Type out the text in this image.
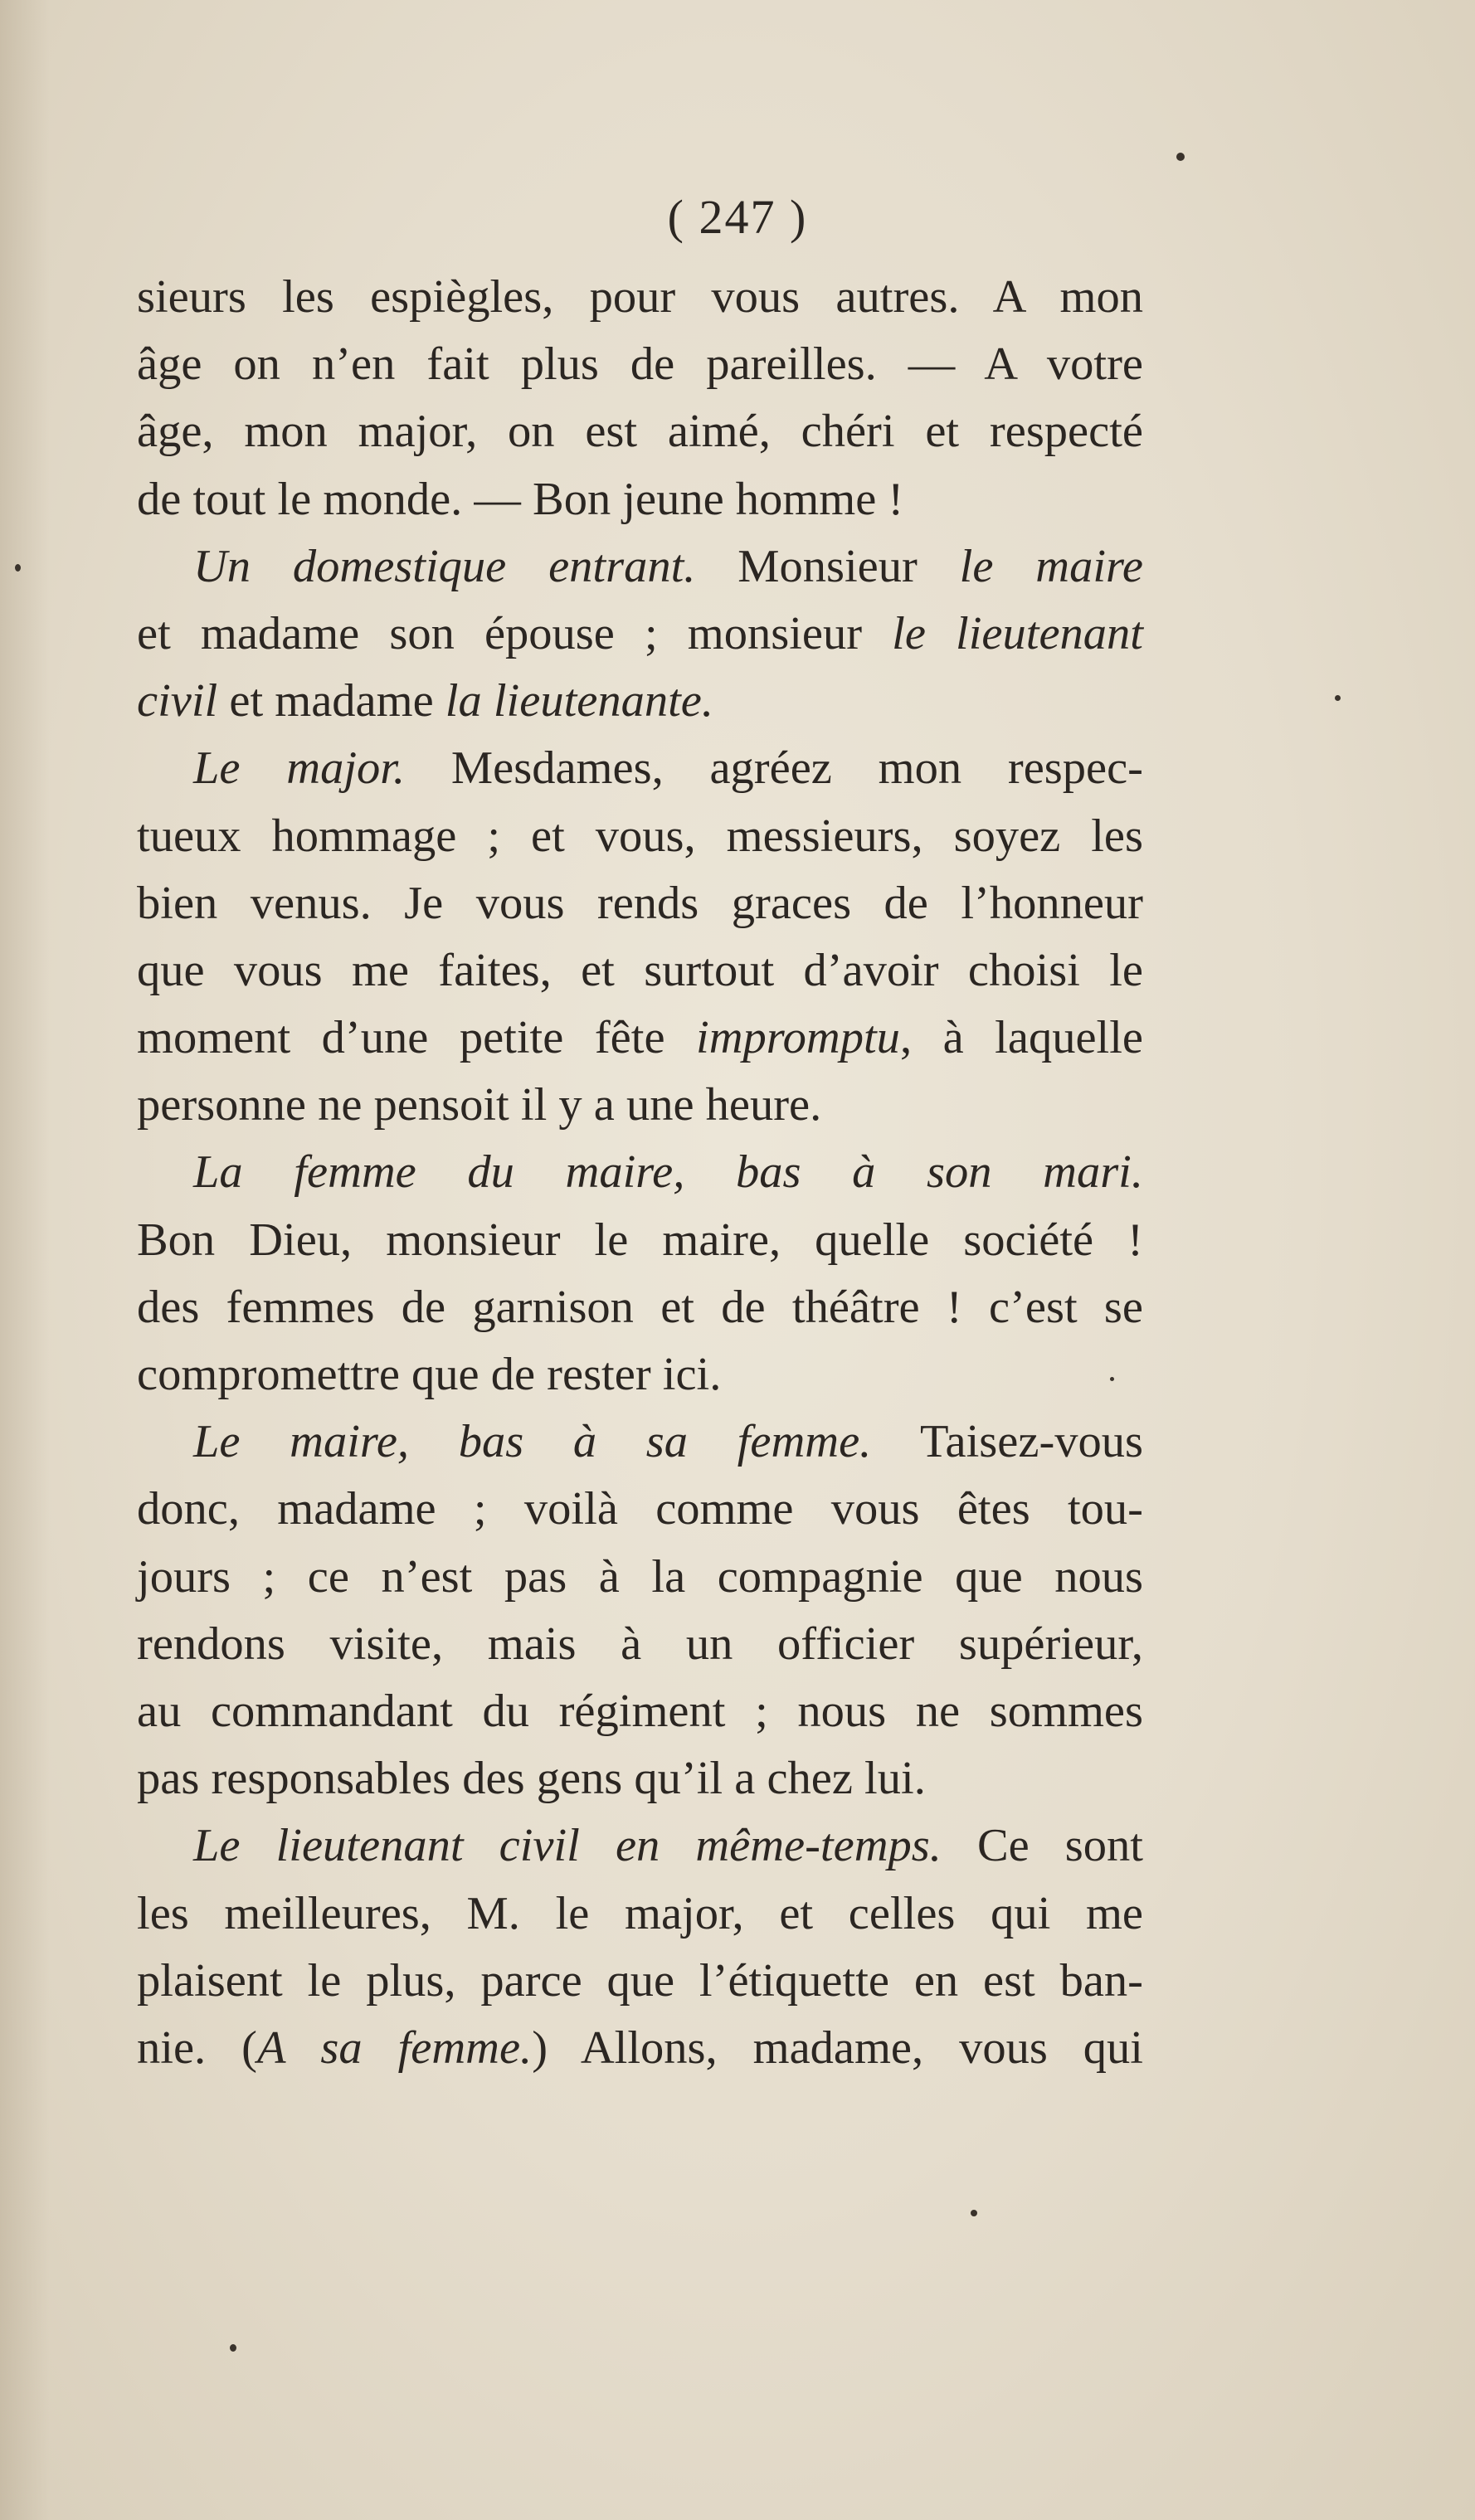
( 247 )
sieurs les espiègles, pour vous autres. A mon
âge on n’en fait plus de pareilles. — A votre
âge, mon major, on est aimé, chéri et respecté
de tout le monde. — Bon jeune homme !
Un domestique entrant. Monsieur le maire
et madame son épouse ; monsieur le lieutenant
civil et madame la lieutenante.
Le major. Mesdames, agréez mon respec-
tueux hommage ; et vous, messieurs, soyez les
bien venus. Je vous rends graces de l’honneur
que vous me faites, et surtout d’avoir choisi le
moment d’une petite fête impromptu, à laquelle
personne ne pensoit il y a une heure.
La femme du maire, bas à son mari.
Bon Dieu, monsieur le maire, quelle société !
des femmes de garnison et de théâtre ! c’est se
compromettre que de rester ici.
Le maire, bas à sa femme. Taisez-vous
donc, madame ; voilà comme vous êtes tou-
jours ; ce n’est pas à la compagnie que nous
rendons visite, mais à un officier supérieur,
au commandant du régiment ; nous ne sommes
pas responsables des gens qu’il a chez lui.
Le lieutenant civil en même-temps. Ce sont
les meilleures, M. le major, et celles qui me
plaisent le plus, parce que l’étiquette en est ban-
nie. (A sa femme.) Allons, madame, vous qui
